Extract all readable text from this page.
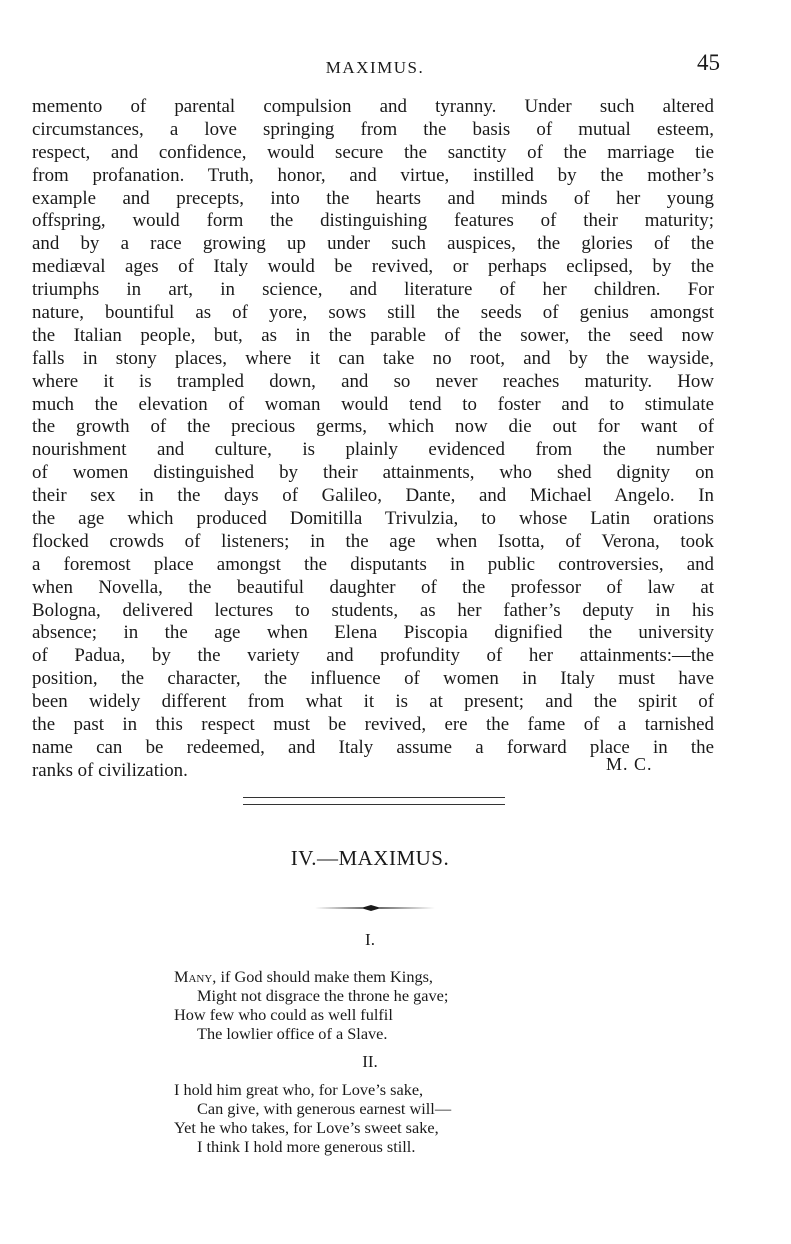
MAXIMUS.	45
memento of parental compulsion and tyranny. Under such altered
circumstances, a love springing from the basis of mutual esteem,
respect, and confidence, would secure the sanctity of the marriage tie
from profanation. Truth, honor, and virtue, instilled by the mother’s
example and precepts, into the hearts and minds of her young
offspring, would form the distinguishing features of their maturity;
and by a race growing up under such auspices, the glories of the
mediæval ages of Italy would be revived, or perhaps eclipsed, by the
triumphs in art, in science, and literature of her children. For
nature, bountiful as of yore, sows still the seeds of genius amongst
the Italian people, but, as in the parable of the sower, the seed now
falls in stony places, where it can take no root, and by the wayside,
where it is trampled down, and so never reaches maturity. How
much the elevation of woman would tend to foster and to stimulate
the growth of the precious germs, which now die out for want of
nourishment and culture, is plainly evidenced from the number
of women distinguished by their attainments, who shed dignity on
their sex in the days of Galileo, Dante, and Michael Angelo. In
the age which produced Domitilla Trivulzia, to whose Latin orations
flocked crowds of listeners; in the age when Isotta, of Verona, took
a foremost place amongst the disputants in public controversies, and
when Novella, the beautiful daughter of the professor of law at
Bologna, delivered lectures to students, as her father’s deputy in his
absence; in the age when Elena Piscopia dignified the university
of Padua, by the variety and profundity of her attainments:—the
position, the character, the influence of women in Italy must have
been widely different from what it is at present; and the spirit of
the past in this respect must be revived, ere the fame of a tarnished
name can be redeemed, and Italy assume a forward place in the
ranks of civilization.	M. C.
IV.—MAXIMUS.
I.
Many, if God should make them Kings,
Might not disgrace the throne he gave;
How few who could as well fulfil
The lowlier office of a Slave.
II.
I hold him great who, for Love’s sake,
Can give, with generous earnest will—
Yet he who takes, for Love’s sweet sake,
I think I hold more generous still.
